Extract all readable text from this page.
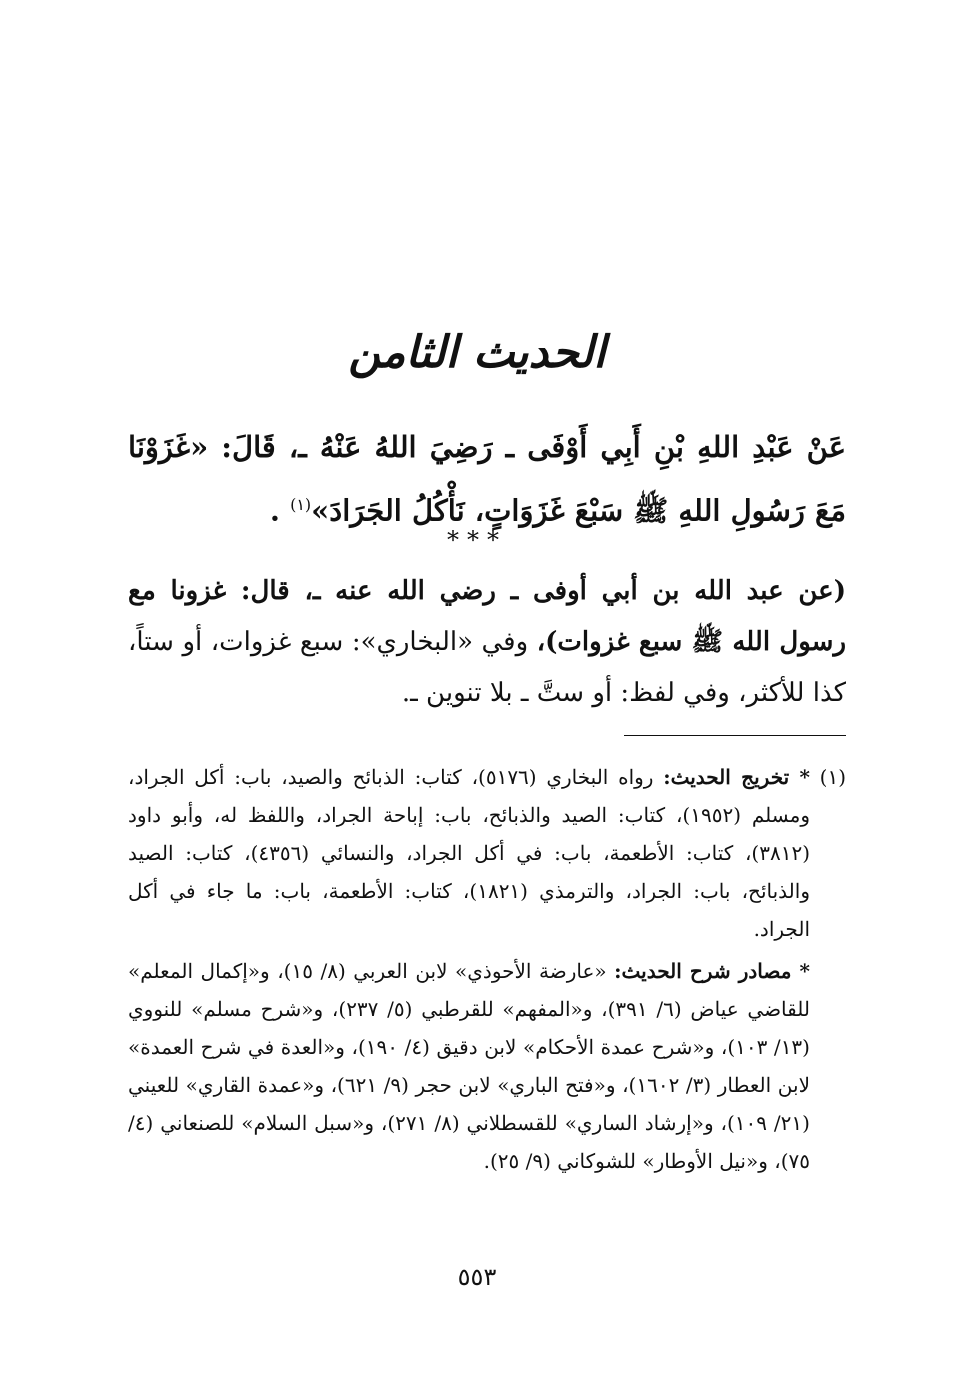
الحديث الثامن

عَنْ عَبْدِ اللهِ بْنِ أَبِي أَوْفَى ـ رَضِيَ اللهُ عَنْهُ ـ، قَالَ: «غَزَوْنَا مَعَ رَسُولِ اللهِ ﷺ سَبْعَ غَزَوَاتٍ، نَأْكُلُ الجَرَادَ»$^{(١)}$ .

***
(عن عبد الله بن أبي أوفى ـ رضي الله عنه ـ، قال: غزونا مع رسول الله ﷺ سبع غزوات)، وفي «البخاري»: سبع غزوات، أو ستاً، كذا للأكثر، وفي لفظ: أو ستَّ ـ بلا تنوين ـ.
(١)

* تخريج الحديث: رواه البخاري (٥١٧٦)، كتاب: الذبائح والصيد، باب: أكل الجراد، ومسلم (١٩٥٢)، كتاب: الصيد والذبائح، باب: إباحة الجراد، واللفظ له، وأبو داود (٣٨١٢)، كتاب: الأطعمة، باب: في أكل الجراد، والنسائي (٤٣٥٦)، كتاب: الصيد والذبائح، باب: الجراد، والترمذي (١٨٢١)، كتاب: الأطعمة، باب: ما جاء في أكل الجراد.

* مصادر شرح الحديث: «عارضة الأحوذي» لابن العربي (٨/ ١٥)، و«إكمال المعلم» للقاضي عياض (٦/ ٣٩١)، و«المفهم» للقرطبي (٥/ ٢٣٧)، و«شرح مسلم» للنووي (١٣/ ١٠٣)، و«شرح عمدة الأحكام» لابن دقيق (٤/ ١٩٠)، و«العدة في شرح العمدة» لابن العطار (٣/ ١٦٠٢)، و«فتح الباري» لابن حجر (٩/ ٦٢١)، و«عمدة القاري» للعيني (٢١/ ١٠٩)، و«إرشاد الساري» للقسطلاني (٨/ ٢٧١)، و«سبل السلام» للصنعاني (٤/ ٧٥)، و«نيل الأوطار» للشوكاني (٩/ ٢٥).

٥٥٣
